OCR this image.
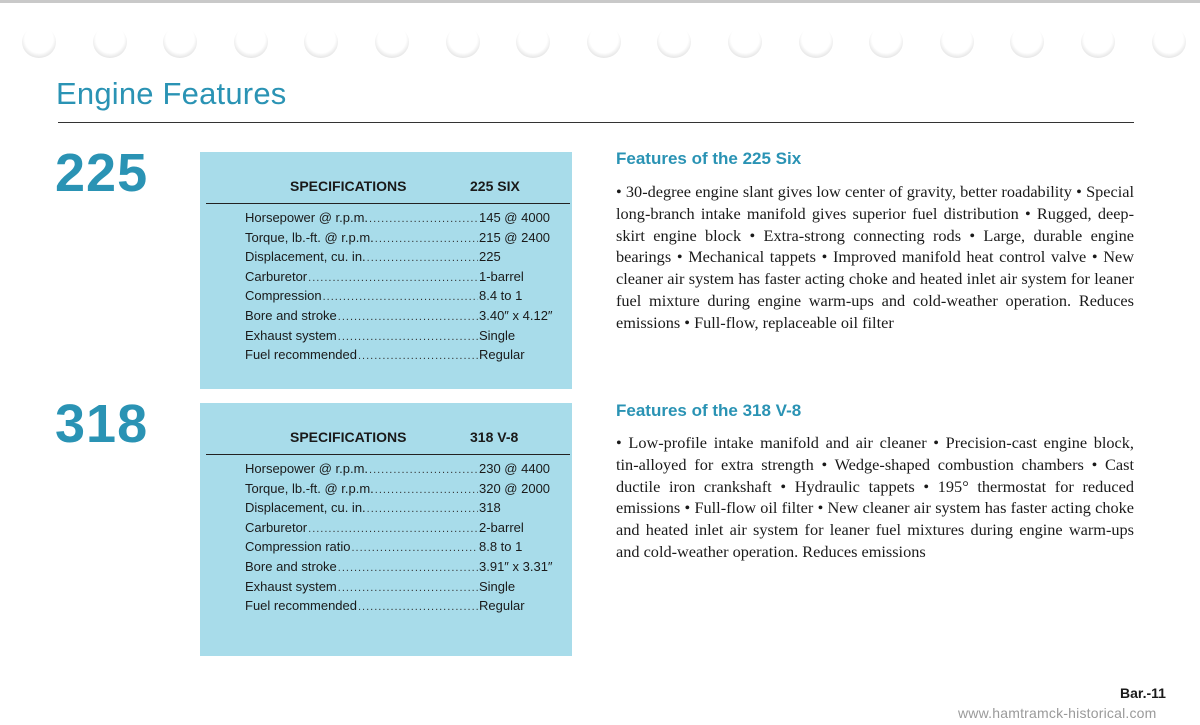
Engine Features
225	SPECIFICATIONS	225 SIX
Horsepower @ r.p.m. .....	145 @ 4000
Torque, lb.-ft. @ r.p.m. .....	215 @ 2400
Displacement, cu. in. .....	225
Carburetor .....	1-barrel
Compression .....	8.4 to 1
Bore and stroke .....	3.40″ x 4.12″
Exhaust system .....	Single
Fuel recommended .....	Regular
Features of the 225 Six
• 30-degree engine slant gives low center of gravity, better roadability • Special long-branch intake manifold gives superior fuel distribution • Rugged, deep-skirt engine block • Extra-strong connecting rods • Large, durable engine bearings • Mechanical tappets • Improved manifold heat control valve • New cleaner air system has faster acting choke and heated inlet air system for leaner fuel mixture during engine warm-ups and cold-weather operation. Reduces emissions • Full-flow, replaceable oil filter
318	SPECIFICATIONS	318 V-8
Horsepower @ r.p.m. .....	230 @ 4400
Torque, lb.-ft. @ r.p.m. .....	320 @ 2000
Displacement, cu. in. .....	318
Carburetor .....	2-barrel
Compression ratio .....	8.8 to 1
Bore and stroke .....	3.91″ x 3.31″
Exhaust system .....	Single
Fuel recommended .....	Regular
Features of the 318 V-8
• Low-profile intake manifold and air cleaner • Precision-cast engine block, tin-alloyed for extra strength • Wedge-shaped combustion chambers • Cast ductile iron crankshaft • Hydraulic tappets • 195° thermostat for reduced emissions • Full-flow oil filter • New cleaner air system has faster acting choke and heated inlet air system for leaner fuel mixtures during engine warm-ups and cold-weather operation. Reduces emissions
Bar.-11
www.hamtramck-historical.com
